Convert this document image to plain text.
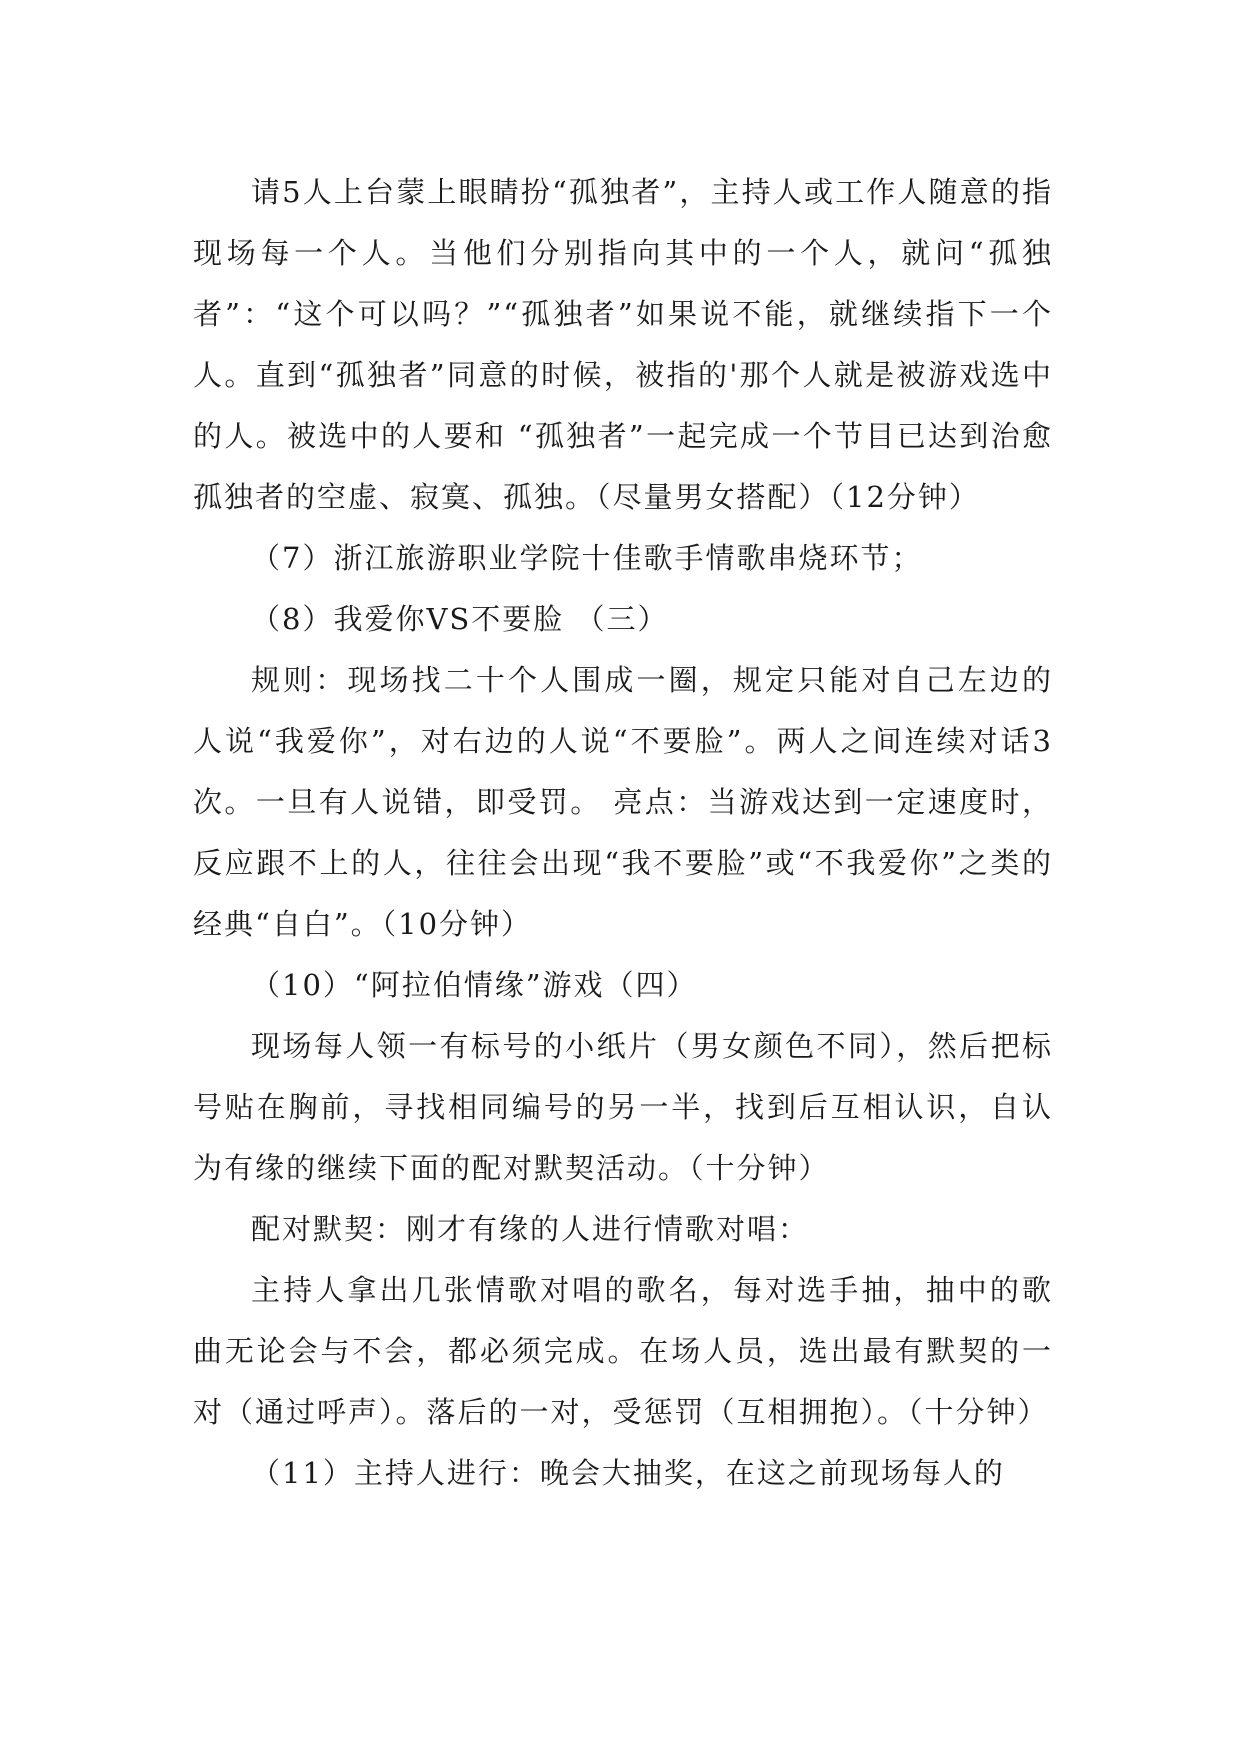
请5人上台蒙上眼睛扮“孤独者”，主持人或工作人随意的指现场每一个人。当他们分别指向其中的一个人，就问“孤独者”：“这个可以吗？”“孤独者”如果说不能，就继续指下一个人。直到“孤独者”同意的时候，被指的'那个人就是被游戏选中的人。被选中的人要和 “孤独者”一起完成一个节目已达到治愈孤独者的空虚、寂寞、孤独。（尽量男女搭配）（12分钟）

（7）浙江旅游职业学院十佳歌手情歌串烧环节；

（8）我爱你VS不要脸 （三）

规则：现场找二十个人围成一圈，规定只能对自己左边的人说“我爱你”，对右边的人说“不要脸”。两人之间连续对话3次。一旦有人说错，即受罚。 亮点：当游戏达到一定速度时，反应跟不上的人，往往会出现“我不要脸”或“不我爱你”之类的经典“自白”。（10分钟）

（10）“阿拉伯情缘”游戏（四）

现场每人领一有标号的小纸片（男女颜色不同），然后把标号贴在胸前，寻找相同编号的另一半，找到后互相认识，自认为有缘的继续下面的配对默契活动。（十分钟）

配对默契：刚才有缘的人进行情歌对唱：

主持人拿出几张情歌对唱的歌名，每对选手抽，抽中的歌曲无论会与不会，都必须完成。在场人员，选出最有默契的一对（通过呼声）。落后的一对，受惩罚（互相拥抱）。（十分钟）

（11）主持人进行：晚会大抽奖，在这之前现场每人的
